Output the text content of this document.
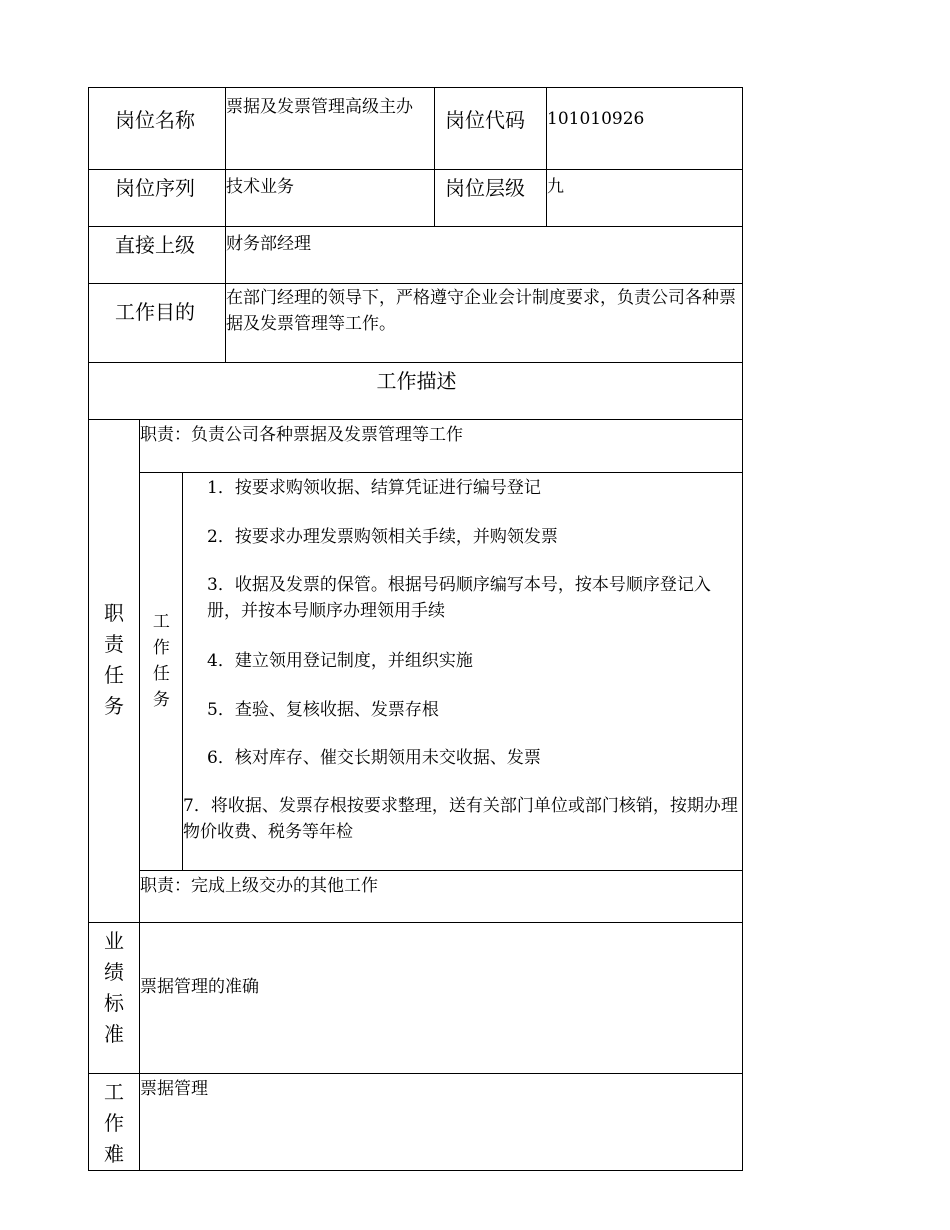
岗位名称
票据及发票管理高级主办
岗位代码 101010926
岗位序列 技术业务	岗位层级 九
直接上级 财务部经理
工作目的
在部门经理的领导下，严格遵守企业会计制度要求，负责公司各种票据及发票管理等工作。
工作描述
职责任务
职责：负责公司各种票据及发票管理等工作
工作任务
1．按要求购领收据、结算凭证进行编号登记
2．按要求办理发票购领相关手续，并购领发票
3．收据及发票的保管。根据号码顺序编写本号，按本号顺序登记入册，并按本号顺序办理领用手续
4．建立领用登记制度，并组织实施
5．查验、复核收据、发票存根
6．核对库存、催交长期领用未交收据、发票
7．将收据、发票存根按要求整理，送有关部门单位或部门核销，按期办理物价收费、税务等年检
职责：完成上级交办的其他工作
业绩标准
票据管理的准确
工作难
票据管理
